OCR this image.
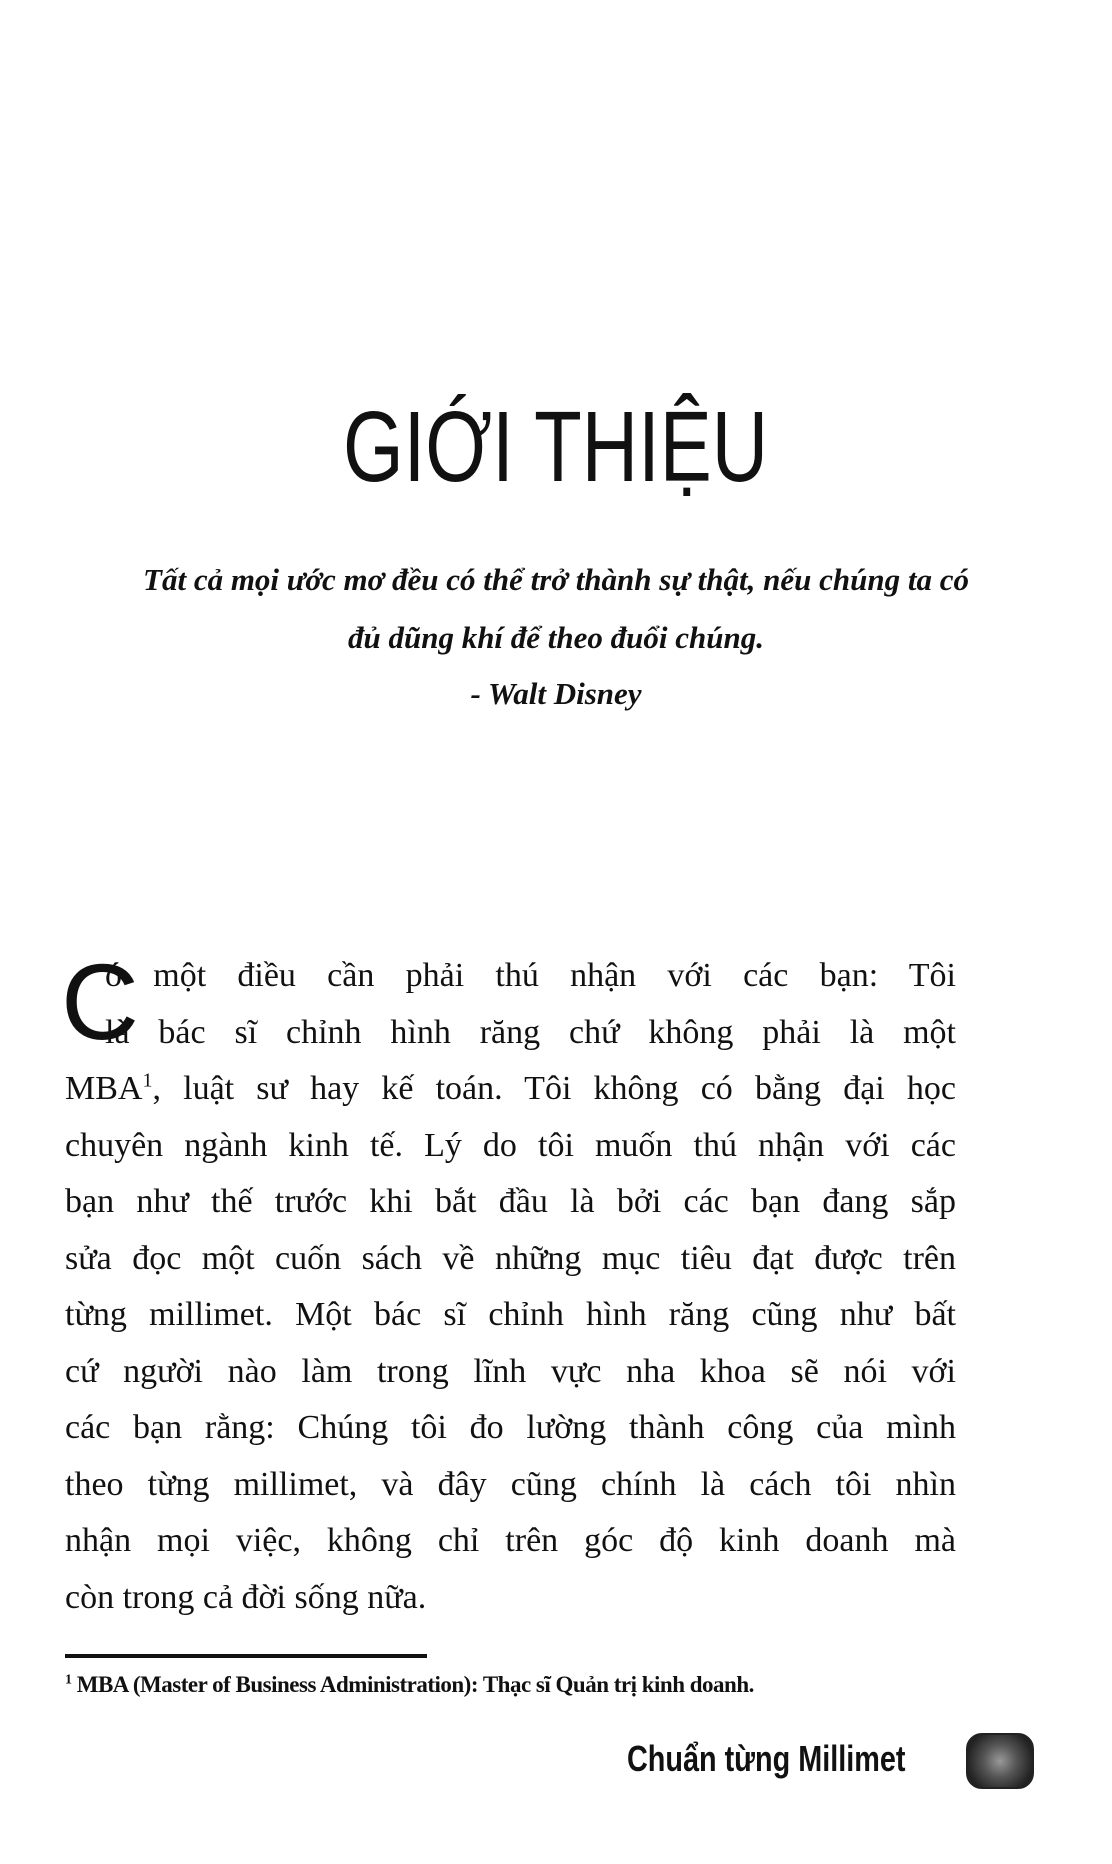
GIỚI THIỆU
Tất cả mọi ước mơ đều có thể trở thành sự thật, nếu chúng ta có
đủ dũng khí để theo đuổi chúng.
- Walt Disney
C
ó một điều cần phải thú nhận với các bạn: Tôi
là bác sĩ chỉnh hình răng chứ không phải là một
MBA$^1$, luật sư hay kế toán. Tôi không có bằng đại học
chuyên ngành kinh tế. Lý do tôi muốn thú nhận với các
bạn như thế trước khi bắt đầu là bởi các bạn đang sắp
sửa đọc một cuốn sách về những mục tiêu đạt được trên
từng millimet. Một bác sĩ chỉnh hình răng cũng như bất
cứ người nào làm trong lĩnh vực nha khoa sẽ nói với
các bạn rằng: Chúng tôi đo lường thành công của mình
theo từng millimet, và đây cũng chính là cách tôi nhìn
nhận mọi việc, không chỉ trên góc độ kinh doanh mà
còn trong cả đời sống nữa.
$^1$ MBA (Master of Business Administration): Thạc sĩ Quản trị kinh doanh.
Chuẩn từng Millimet
